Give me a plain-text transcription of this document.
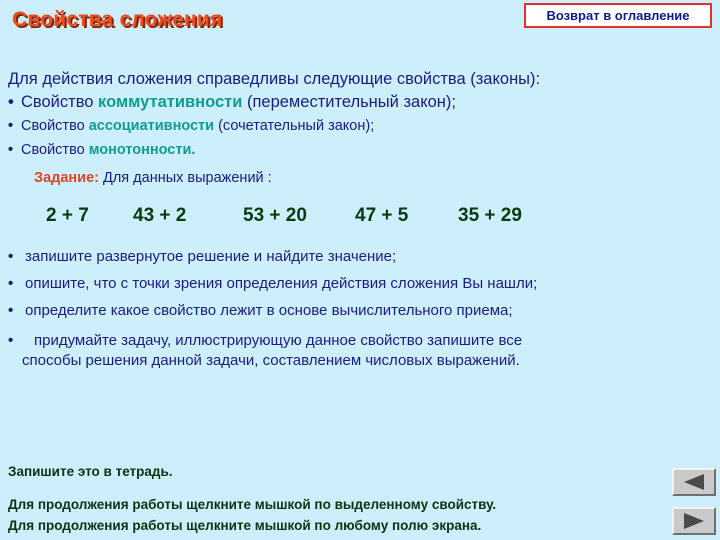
Свойства сложения	Возврат в оглавление
Для действия сложения справедливы следующие свойства (законы):
• Свойство коммутативности (переместительный закон);
• Свойство ассоциативности (сочетательный закон);
• Свойство монотонности.
Задание: Для данных выражений :
2 + 7 43 + 2	53 + 20	47 + 5	35 + 29
• запишите развернутое решение и найдите значение;
• опишите, что с точки зрения определения действия сложения Вы нашли;
• определите какое свойство лежит в основе вычислительного приема;
• придумайте задачу, иллюстрирующую данное свойство запишите все
способы решения данной задачи, составлением числовых выражений.
Запишите это в тетрадь.
Для продолжения работы щелкните мышкой по выделенному свойству.
Для продолжения работы щелкните мышкой по любому полю экрана.
